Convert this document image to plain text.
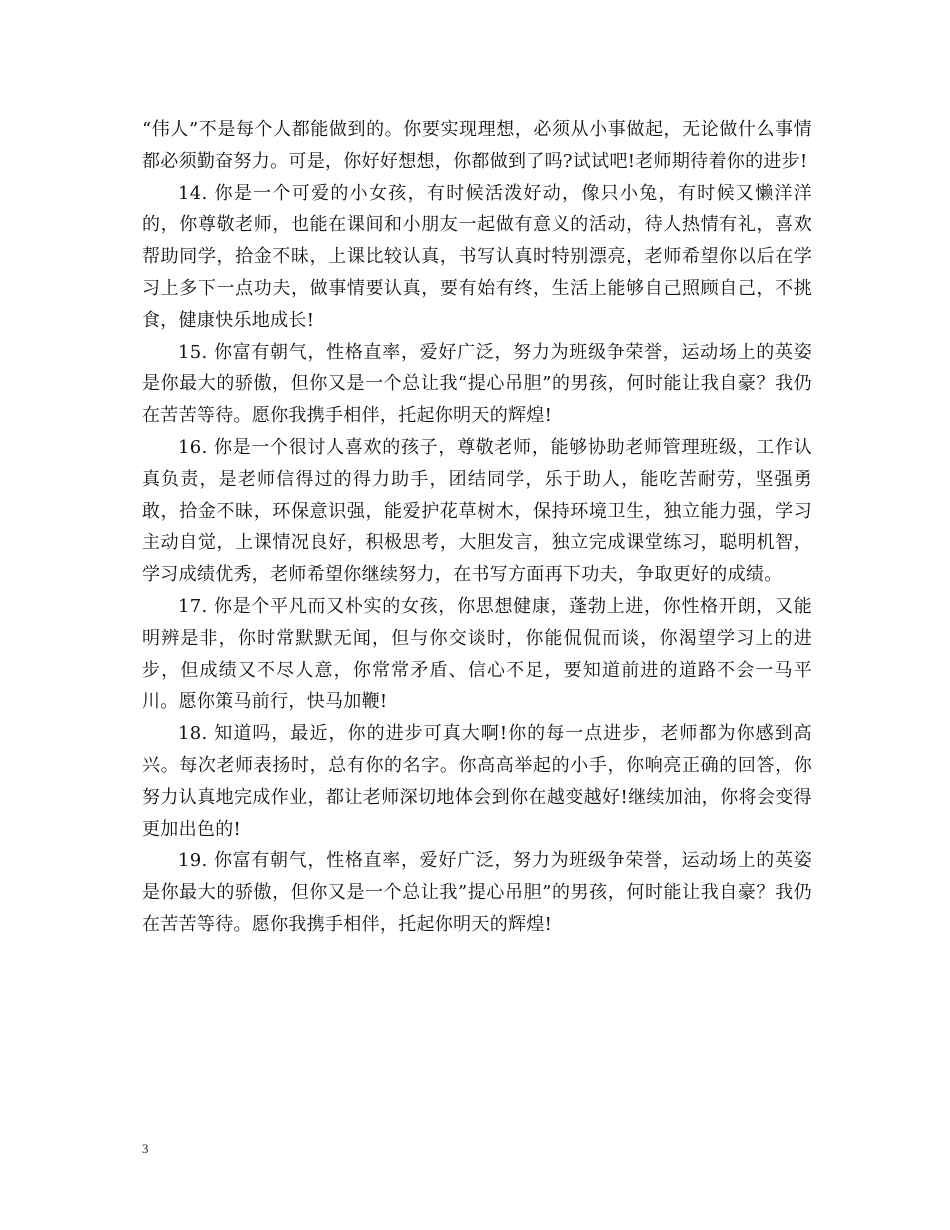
“伟人”不是每个人都能做到的。你要实现理想，必须从小事做起，无论做什么事情都必须勤奋努力。可是，你好好想想，你都做到了吗?试试吧!老师期待着你的进步!

14. 你是一个可爱的小女孩，有时候活泼好动，像只小兔，有时候又懒洋洋的，你尊敬老师，也能在课间和小朋友一起做有意义的活动，待人热情有礼，喜欢帮助同学，拾金不昧，上课比较认真，书写认真时特别漂亮，老师希望你以后在学习上多下一点功夫，做事情要认真，要有始有终，生活上能够自己照顾自己，不挑食，健康快乐地成长!

15. 你富有朝气，性格直率，爱好广泛，努力为班级争荣誉，运动场上的英姿是你最大的骄傲，但你又是一个总让我“提心吊胆”的男孩，何时能让我自豪？我仍在苦苦等待。愿你我携手相伴，托起你明天的辉煌!

16. 你是一个很讨人喜欢的孩子，尊敬老师，能够协助老师管理班级，工作认真负责，是老师信得过的得力助手，团结同学，乐于助人，能吃苦耐劳，坚强勇敢，拾金不昧，环保意识强，能爱护花草树木，保持环境卫生，独立能力强，学习主动自觉，上课情况良好，积极思考，大胆发言，独立完成课堂练习，聪明机智，学习成绩优秀，老师希望你继续努力，在书写方面再下功夫，争取更好的成绩。

17. 你是个平凡而又朴实的女孩，你思想健康，蓬勃上进，你性格开朗，又能明辨是非，你时常默默无闻，但与你交谈时，你能侃侃而谈，你渴望学习上的进步，但成绩又不尽人意，你常常矛盾、信心不足，要知道前进的道路不会一马平川。愿你策马前行，快马加鞭!

18. 知道吗，最近，你的进步可真大啊!你的每一点进步，老师都为你感到高兴。每次老师表扬时，总有你的名字。你高高举起的小手，你响亮正确的回答，你努力认真地完成作业，都让老师深切地体会到你在越变越好!继续加油，你将会变得更加出色的!

19. 你富有朝气，性格直率，爱好广泛，努力为班级争荣誉，运动场上的英姿是你最大的骄傲，但你又是一个总让我”提心吊胆”的男孩，何时能让我自豪？我仍在苦苦等待。愿你我携手相伴，托起你明天的辉煌!

3
